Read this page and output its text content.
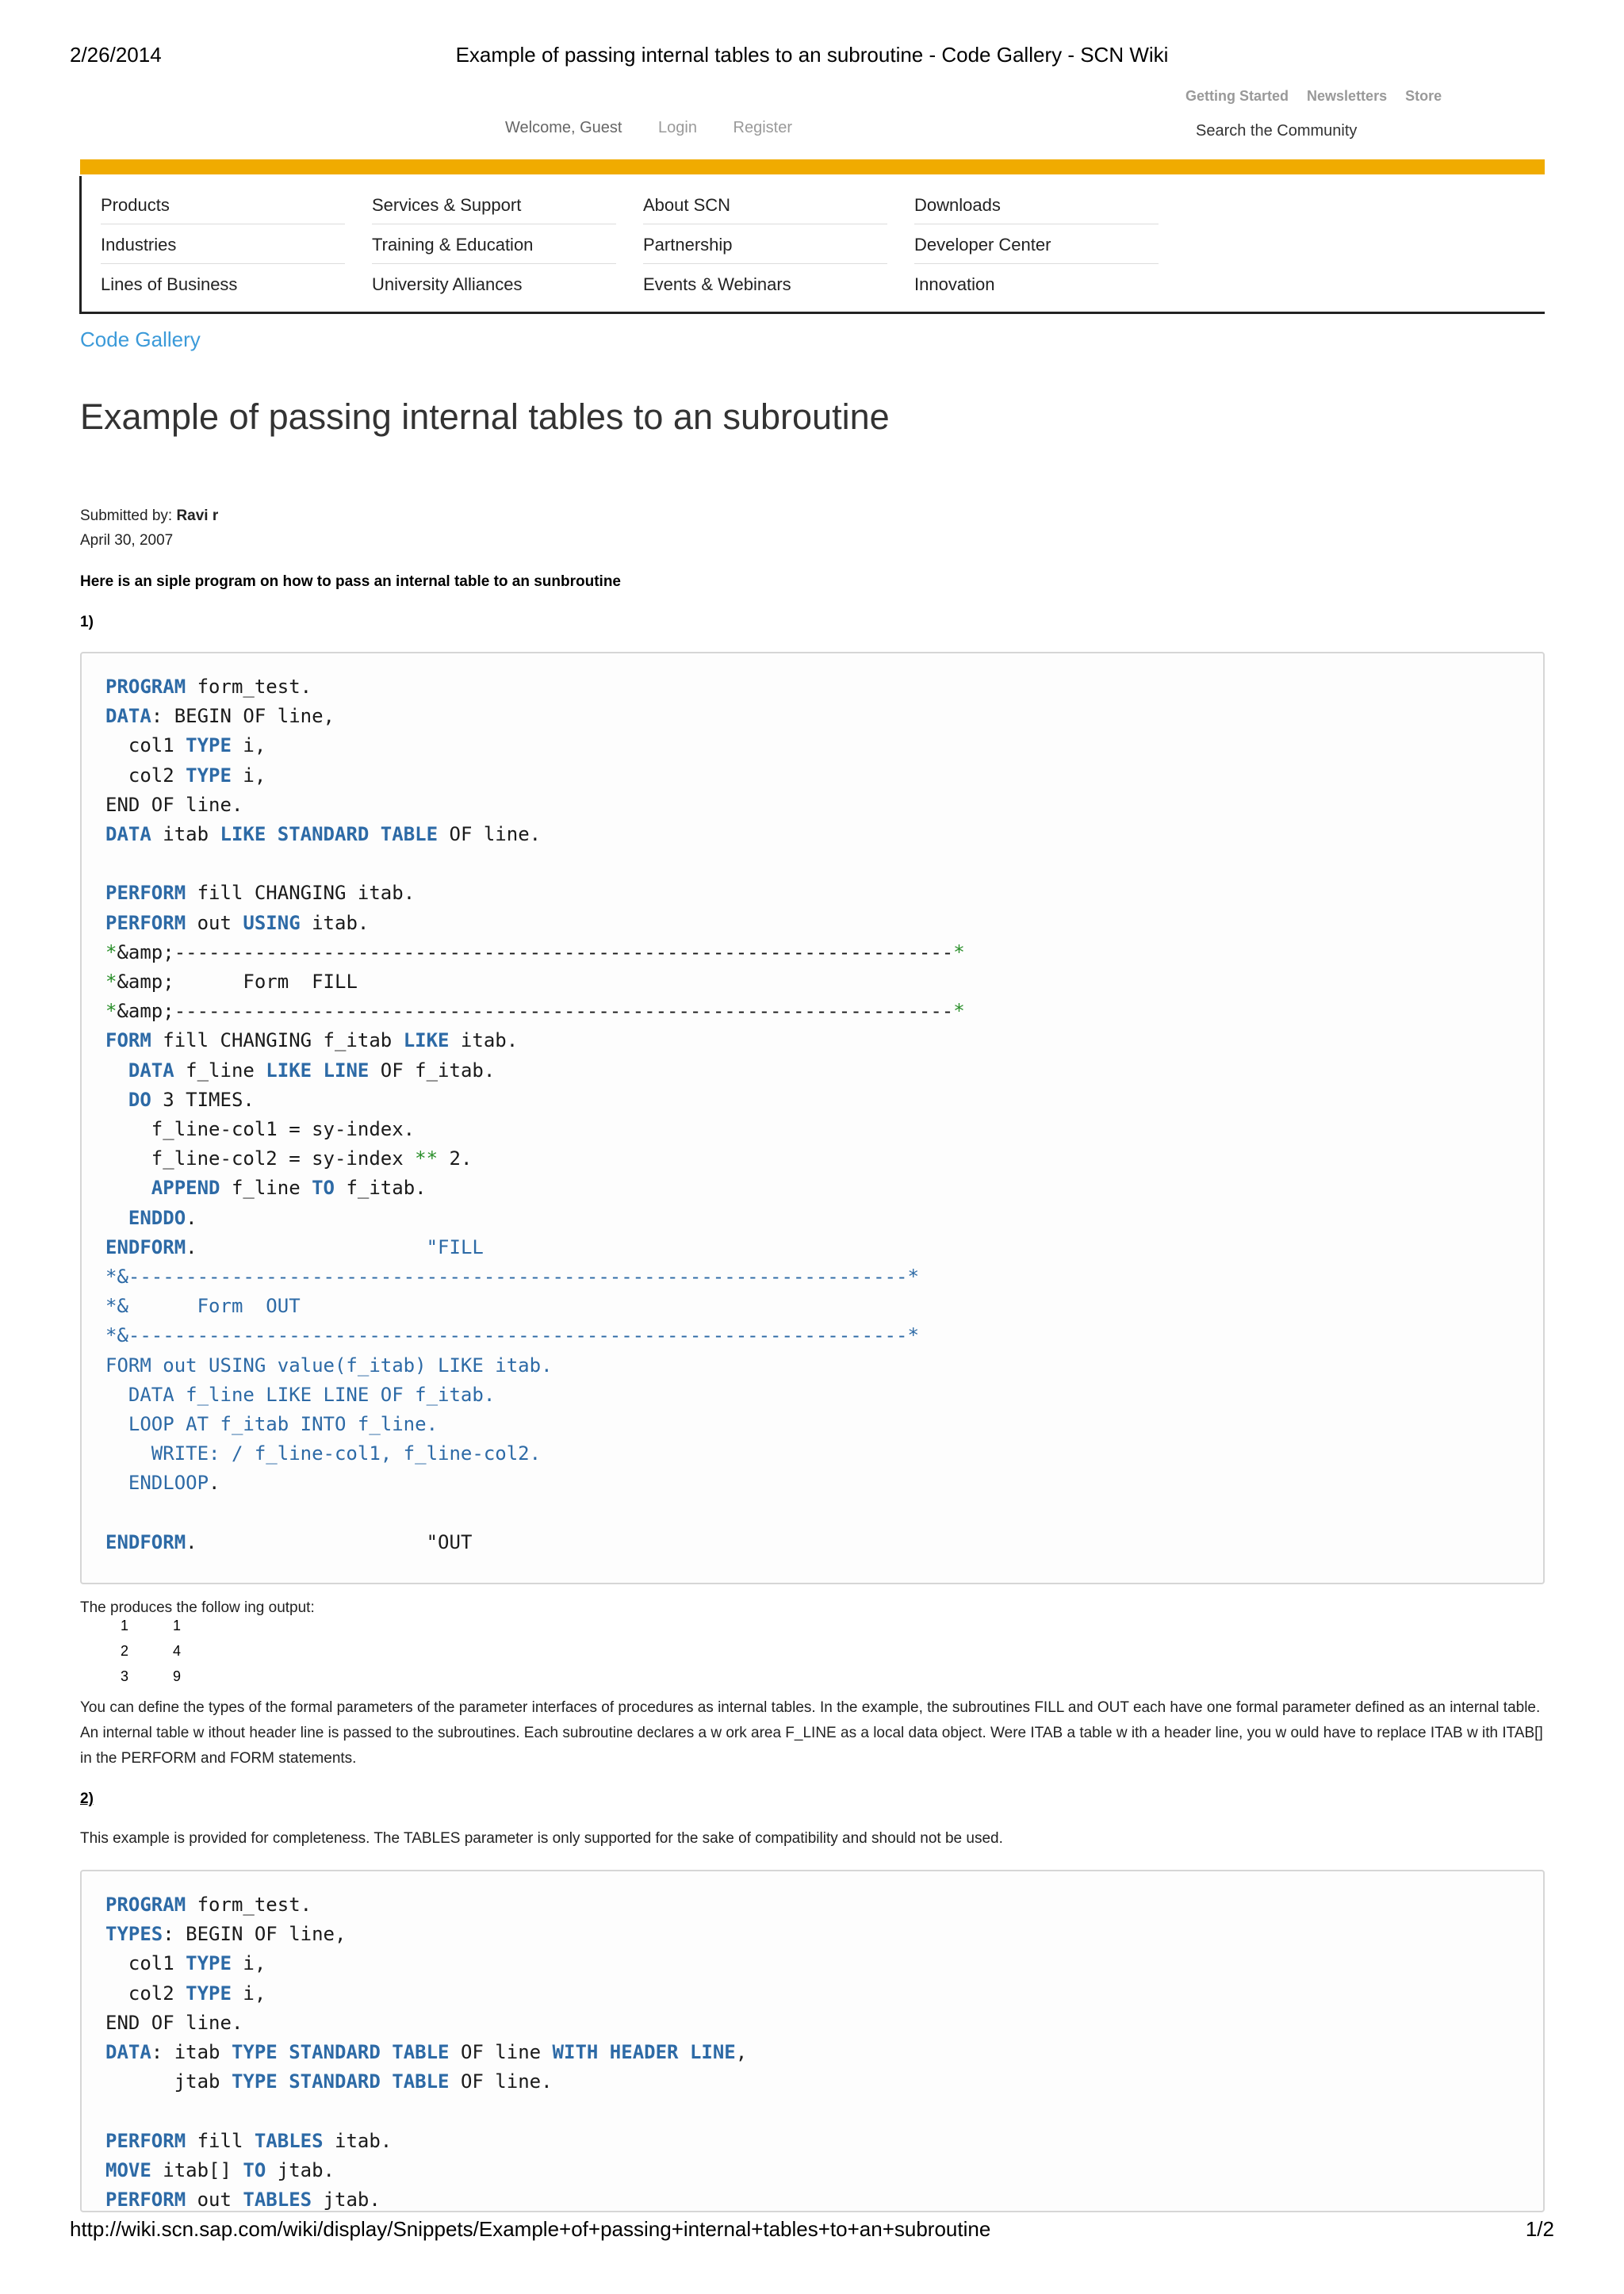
2/26/2014	Example of passing internal tables to an subroutine - Code Gallery - SCN Wiki
Getting Started Newsletters Store
Search the Community
Welcome, Guest Login Register
Products
Industries
Lines of Business
Services & Support
Training & Education
University Alliances
About SCN
Partnership
Events & Webinars
Downloads
Developer Center
Innovation
Code Gallery
Example of passing internal tables to an subroutine
Submitted by: Ravi r
April 30, 2007
Here is an siple program on how to pass an internal table to an sunbroutine
1)
PROGRAM form_test.
DATA: BEGIN OF line,
col1 TYPE i,
col2 TYPE i,
END OF line.
DATA itab LIKE STANDARD TABLE OF line.

PERFORM fill CHANGING itab.
PERFORM out USING itab.
*&amp;--------------------------------------------------------------------*
*&amp;      Form  FILL
*&amp;--------------------------------------------------------------------*
FORM fill CHANGING f_itab LIKE itab.
DATA f_line LIKE LINE OF f_itab.
DO 3 TIMES.
f_line-col1 = sy-index.
f_line-col2 = sy-index ** 2.
APPEND f_line TO f_itab.
ENDDO.
ENDFORM.                    "FILL
*&--------------------------------------------------------------------*
*&      Form  OUT
*&--------------------------------------------------------------------*
FORM out USING value(f_itab) LIKE itab.
DATA f_line LIKE LINE OF f_itab.
LOOP AT f_itab INTO f_line.
WRITE: / f_line-col1, f_line-col2.
ENDLOOP.

ENDFORM.                    "OUT
The produces the follow ing output:
1	1
2	4
3	9
You can define the types of the formal parameters of the parameter interfaces of procedures as internal tables. In the example, the subroutines FILL and OUT each have one formal parameter defined as an internal table. An internal table w ithout header line is passed to the subroutines. Each subroutine declares a w ork area F_LINE as a local data object. Were ITAB a table w ith a header line, you w ould have to replace ITAB w ith ITAB[] in the PERFORM and FORM statements.
2)
This example is provided for completeness. The TABLES parameter is only supported for the sake of compatibility and should not be used.
PROGRAM form_test.
TYPES: BEGIN OF line,
col1 TYPE i,
col2 TYPE i,
END OF line.
DATA: itab TYPE STANDARD TABLE OF line WITH HEADER LINE,
jtab TYPE STANDARD TABLE OF line.

PERFORM fill TABLES itab.
MOVE itab[] TO jtab.
PERFORM out TABLES jtab.
http://wiki.scn.sap.com/wiki/display/Snippets/Example+of+passing+internal+tables+to+an+subroutine	1/2
